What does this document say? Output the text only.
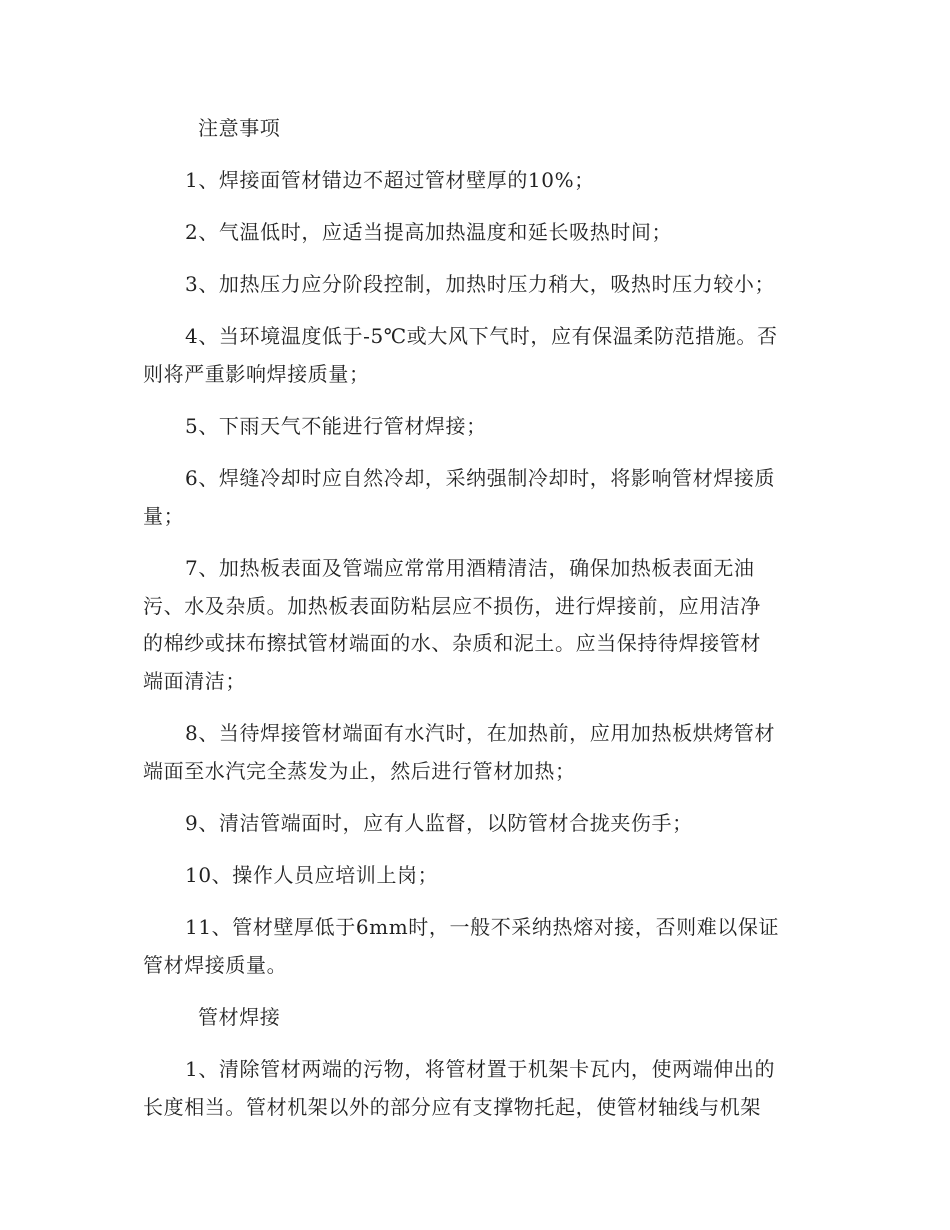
注意事项
1、焊接面管材错边不超过管材壁厚的10%；
2、气温低时，应适当提高加热温度和延长吸热时间；
3、加热压力应分阶段控制，加热时压力稍大，吸热时压力较小；
4、当环境温度低于-5℃或大风下气时，应有保温柔防范措施。否
则将严重影响焊接质量；
5、下雨天气不能进行管材焊接；
6、焊缝冷却时应自然冷却，采纳强制冷却时，将影响管材焊接质
量；
7、加热板表面及管端应常常用酒精清洁，确保加热板表面无油
污、水及杂质。加热板表面防粘层应不损伤，进行焊接前，应用洁净
的棉纱或抹布擦拭管材端面的水、杂质和泥土。应当保持待焊接管材
端面清洁；
8、当待焊接管材端面有水汽时，在加热前，应用加热板烘烤管材
端面至水汽完全蒸发为止，然后进行管材加热；
9、清洁管端面时，应有人监督，以防管材合拢夹伤手；
10、操作人员应培训上岗；
11、管材壁厚低于6mm时，一般不采纳热熔对接，否则难以保证
管材焊接质量。
管材焊接
1、清除管材两端的污物，将管材置于机架卡瓦内，使两端伸出的
长度相当。管材机架以外的部分应有支撑物托起，使管材轴线与机架
